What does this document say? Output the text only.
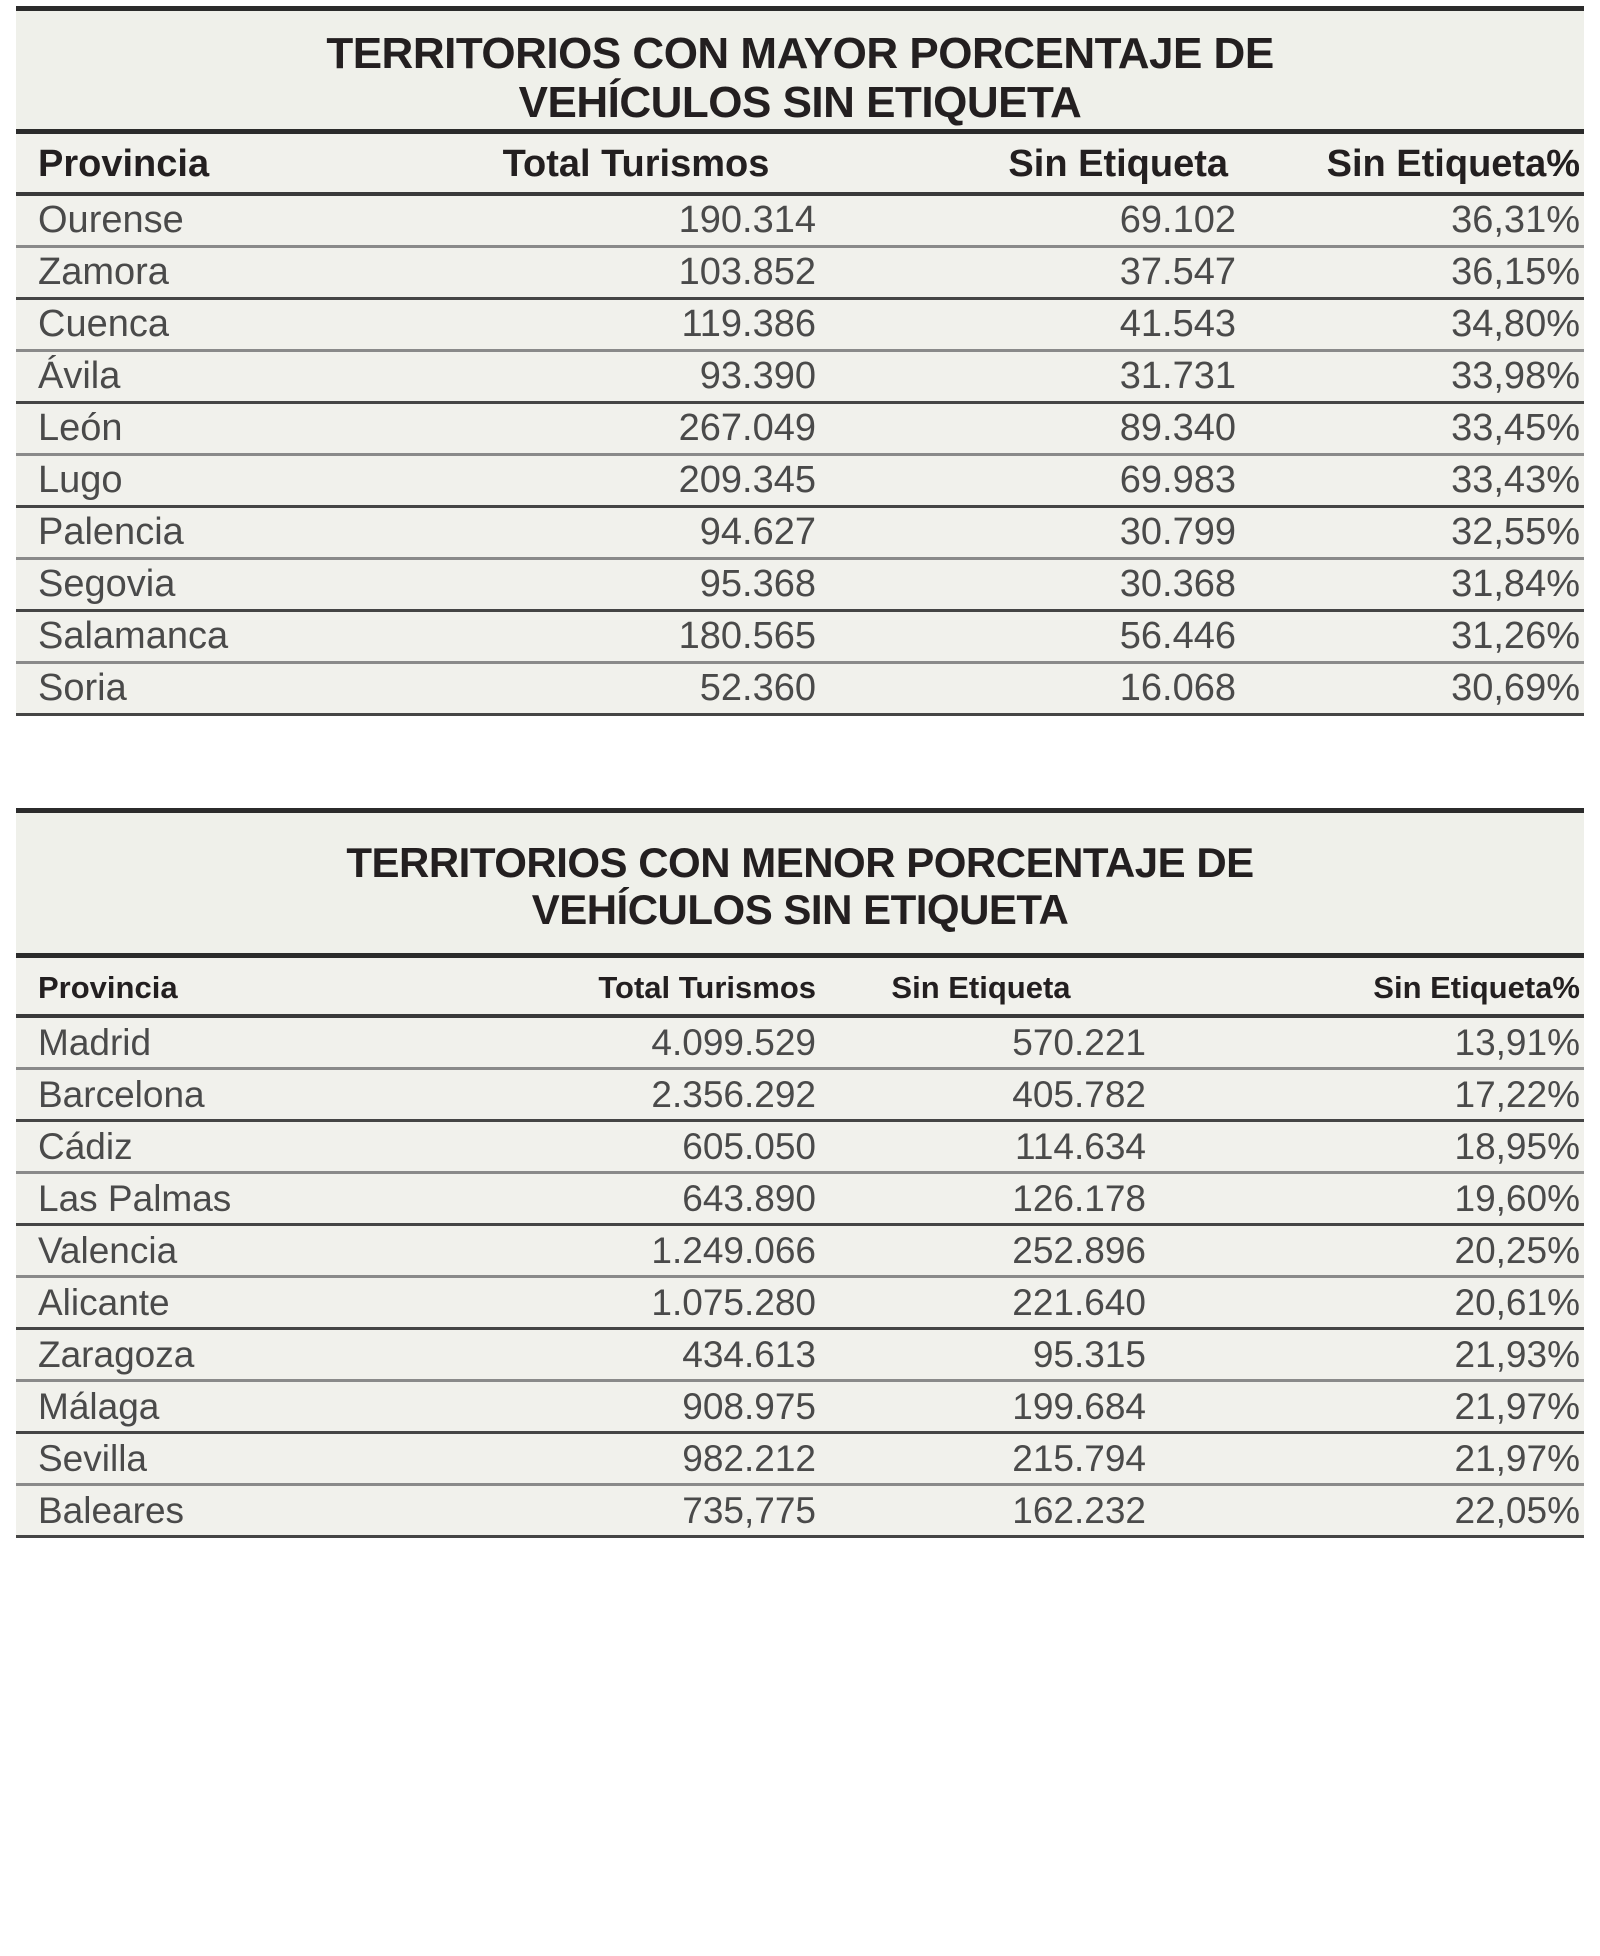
TERRITORIOS CON MAYOR PORCENTAJE DE
VEHÍCULOS SIN ETIQUETA
Provincia	Total Turismos	Sin Etiqueta	Sin Etiqueta%
Ourense	190.314	69.102	36,31%
Zamora	103.852	37.547	36,15%
Cuenca	119.386	41.543	34,80%
Ávila	93.390	31.731	33,98%
León	267.049	89.340	33,45%
Lugo	209.345	69.983	33,43%
Palencia	94.627	30.799	32,55%
Segovia	95.368	30.368	31,84%
Salamanca	180.565	56.446	31,26%
Soria	52.360	16.068	30,69%
TERRITORIOS CON MENOR PORCENTAJE DE
VEHÍCULOS SIN ETIQUETA
Provincia	Total Turismos	Sin Etiqueta	Sin Etiqueta%
Madrid	4.099.529	570.221	13,91%
Barcelona	2.356.292	405.782	17,22%
Cádiz	605.050	114.634	18,95%
Las Palmas	643.890	126.178	19,60%
Valencia	1.249.066	252.896	20,25%
Alicante	1.075.280	221.640	20,61%
Zaragoza	434.613	95.315	21,93%
Málaga	908.975	199.684	21,97%
Sevilla	982.212	215.794	21,97%
Baleares	735,775	162.232	22,05%
